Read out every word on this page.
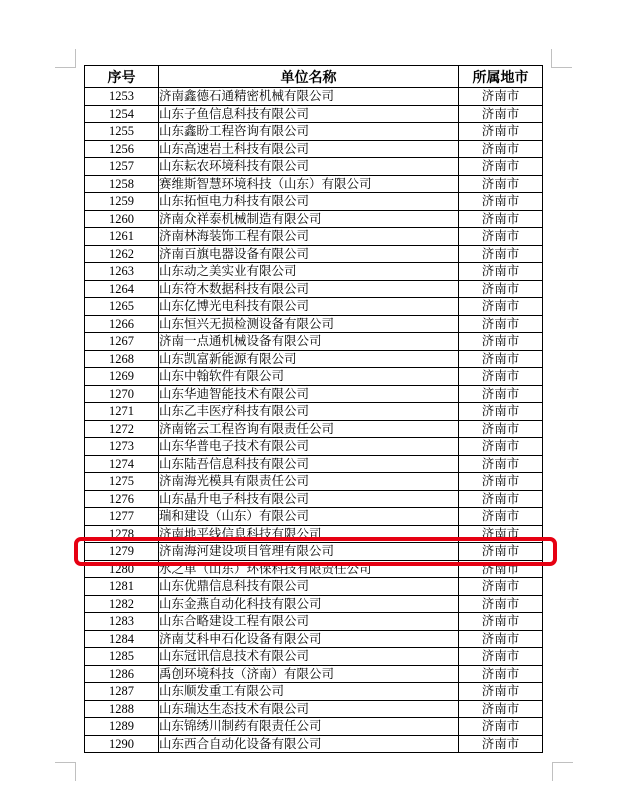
序号	单位名称	所属地市
1253	济南鑫德石通精密机械有限公司	济南市
1254	山东子鱼信息科技有限公司	济南市
1255	山东鑫盼工程咨询有限公司	济南市
1256	山东高速岩土科技有限公司	济南市
1257	山东耘农环境科技有限公司	济南市
1258	赛维斯智慧环境科技（山东）有限公司	济南市
1259	山东拓恒电力科技有限公司	济南市
1260	济南众祥泰机械制造有限公司	济南市
1261	济南林海装饰工程有限公司	济南市
1262	济南百旗电器设备有限公司	济南市
1263	山东动之美实业有限公司	济南市
1264	山东符木数据科技有限公司	济南市
1265	山东亿博光电科技有限公司	济南市
1266	山东恒兴无损检测设备有限公司	济南市
1267	济南一点通机械设备有限公司	济南市
1268	山东凯富新能源有限公司	济南市
1269	山东中翰软件有限公司	济南市
1270	山东华迪智能技术有限公司	济南市
1271	山东乙丰医疗科技有限公司	济南市
1272	济南铭云工程咨询有限责任公司	济南市
1273	山东华普电子技术有限公司	济南市
1274	山东陆吾信息科技有限公司	济南市
1275	济南海光模具有限责任公司	济南市
1276	山东晶升电子科技有限公司	济南市
1277	瑞和建设（山东）有限公司	济南市
1278	济南地平线信息科技有限公司	济南市
1279	济南海河建设项目管理有限公司	济南市
1280	水之单（山东）环保科技有限责任公司	济南市
1281	山东优鼎信息科技有限公司	济南市
1282	山东金燕自动化科技有限公司	济南市
1283	山东合略建设工程有限公司	济南市
1284	济南艾科申石化设备有限公司	济南市
1285	山东冠讯信息技术有限公司	济南市
1286	禹创环境科技（济南）有限公司	济南市
1287	山东顺发重工有限公司	济南市
1288	山东瑞达生态技术有限公司	济南市
1289	山东锦绣川制药有限责任公司	济南市
1290	山东西合自动化设备有限公司	济南市
